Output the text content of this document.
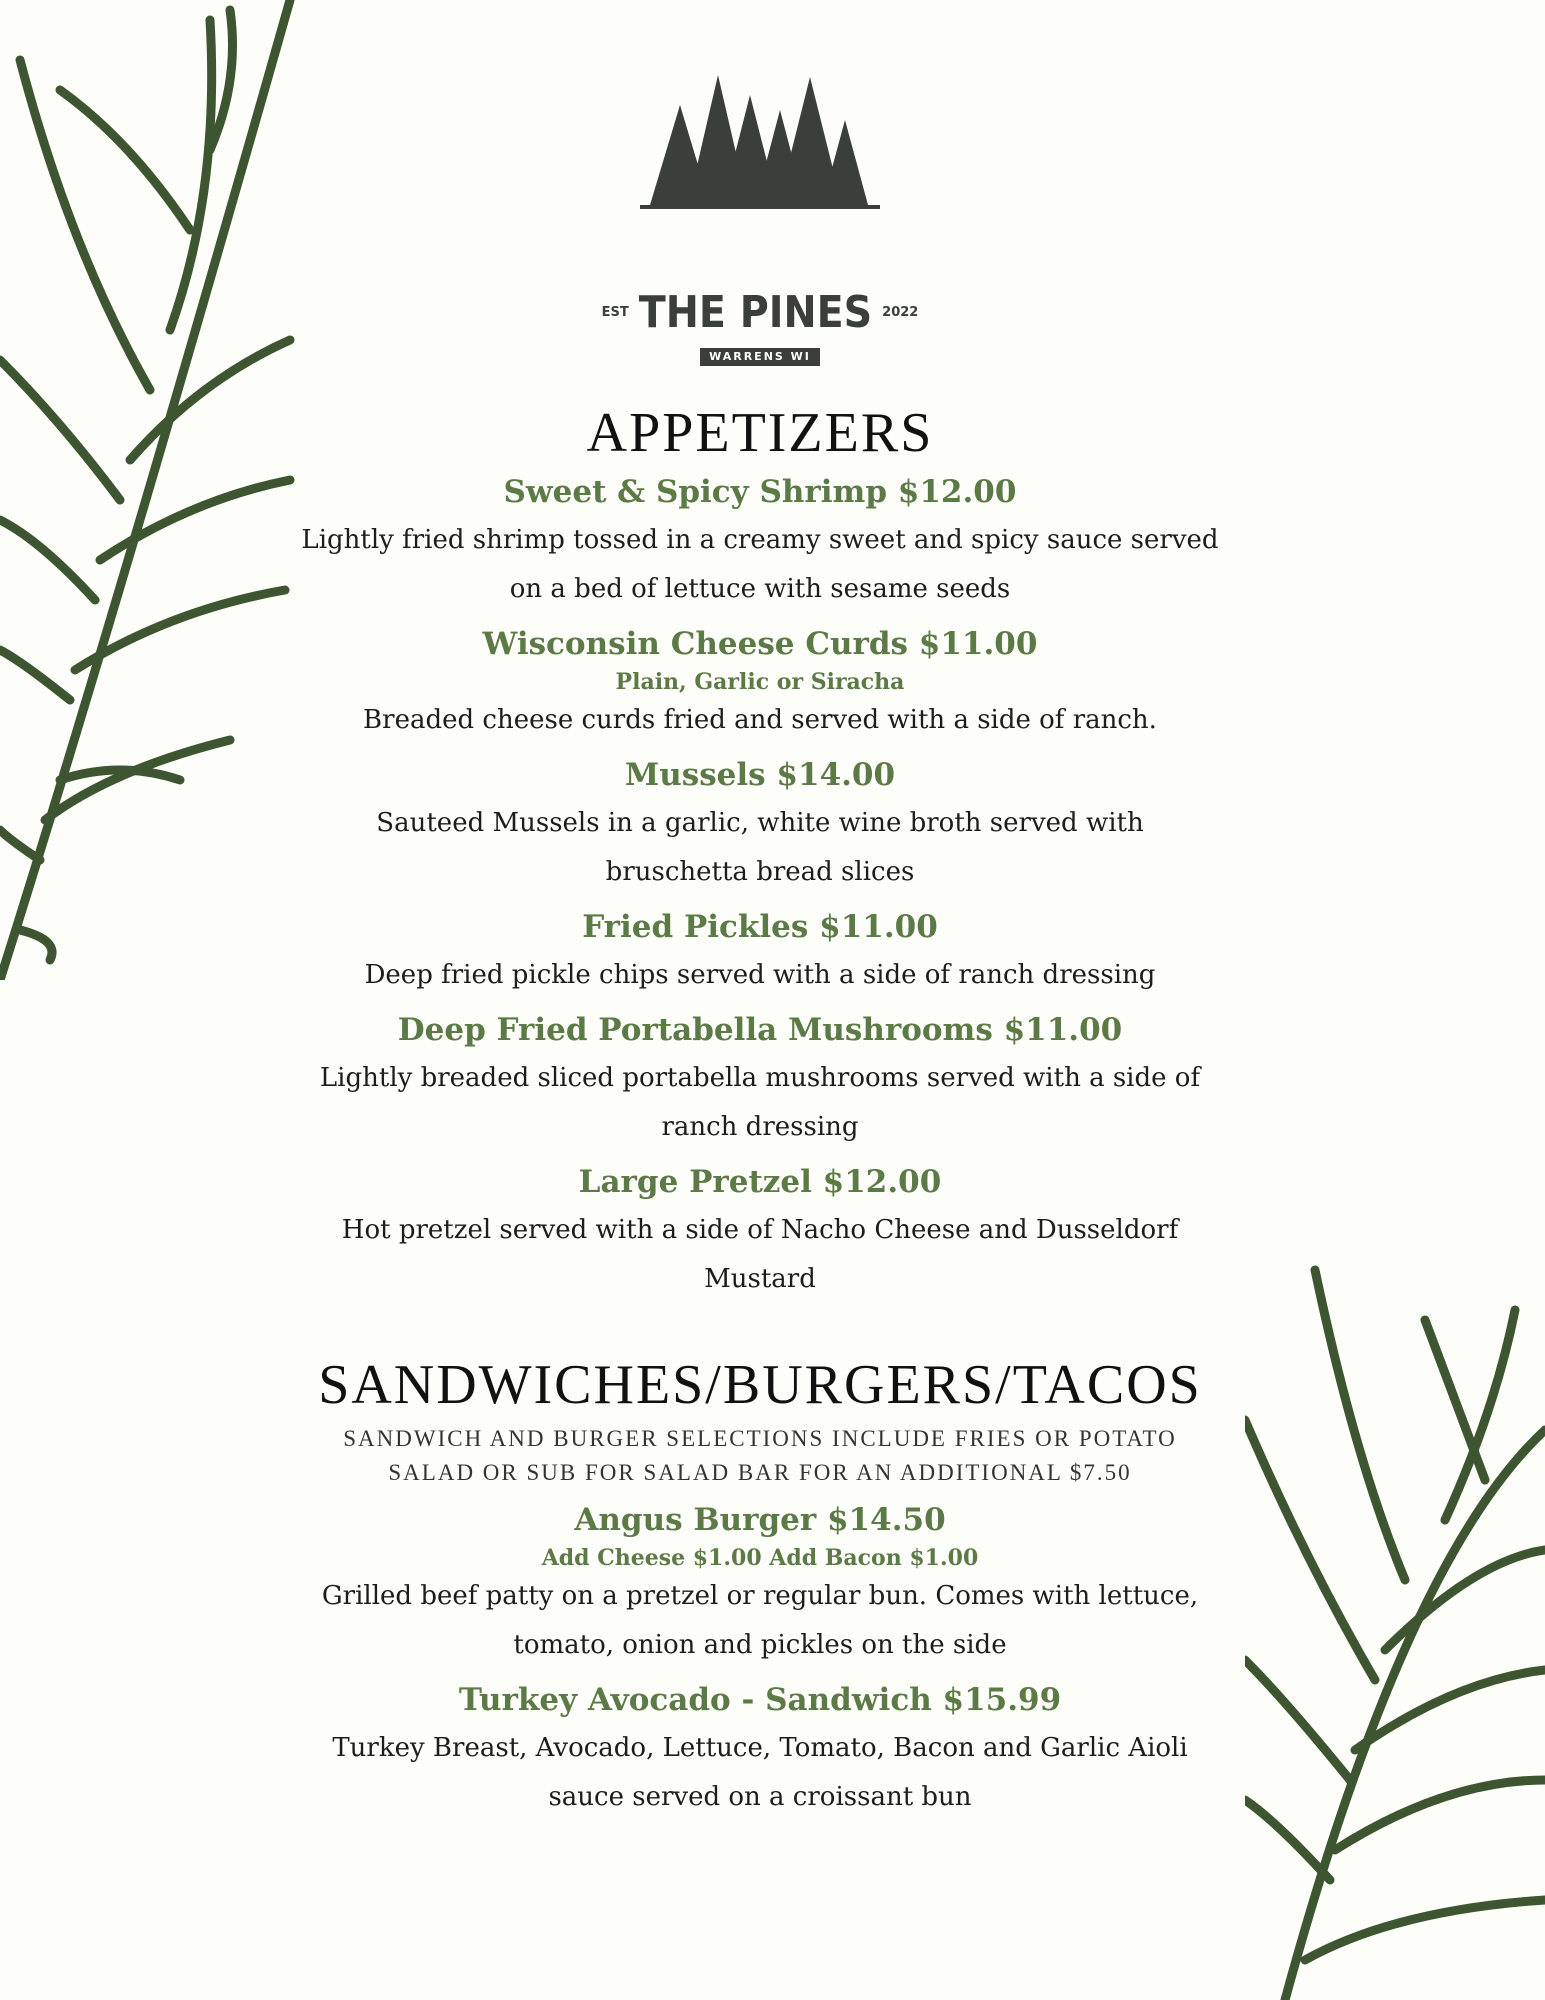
EST THE PINES 2022
WARRENS WI
APPETIZERS
Sweet & Spicy Shrimp $12.00
Lightly fried shrimp tossed in a creamy sweet and spicy sauce served
on a bed of lettuce with sesame seeds
Wisconsin Cheese Curds $11.00
Plain, Garlic or Siracha
Breaded cheese curds fried and served with a side of ranch.
Mussels $14.00
Sauteed Mussels in a garlic, white wine broth served with
bruschetta bread slices
Fried Pickles $11.00
Deep fried pickle chips served with a side of ranch dressing
Deep Fried Portabella Mushrooms $11.00
Lightly breaded sliced portabella mushrooms served with a side of
ranch dressing
Large Pretzel $12.00
Hot pretzel served with a side of Nacho Cheese and Dusseldorf
Mustard
SANDWICHES/BURGERS/TACOS
SANDWICH AND BURGER SELECTIONS INCLUDE FRIES OR POTATO
SALAD OR SUB FOR SALAD BAR FOR AN ADDITIONAL $7.50
Angus Burger $14.50
Add Cheese $1.00 Add Bacon $1.00
Grilled beef patty on a pretzel or regular bun. Comes with lettuce,
tomato, onion and pickles on the side
Turkey Avocado - Sandwich $15.99
Turkey Breast, Avocado, Lettuce, Tomato, Bacon and Garlic Aioli
sauce served on a croissant bun
